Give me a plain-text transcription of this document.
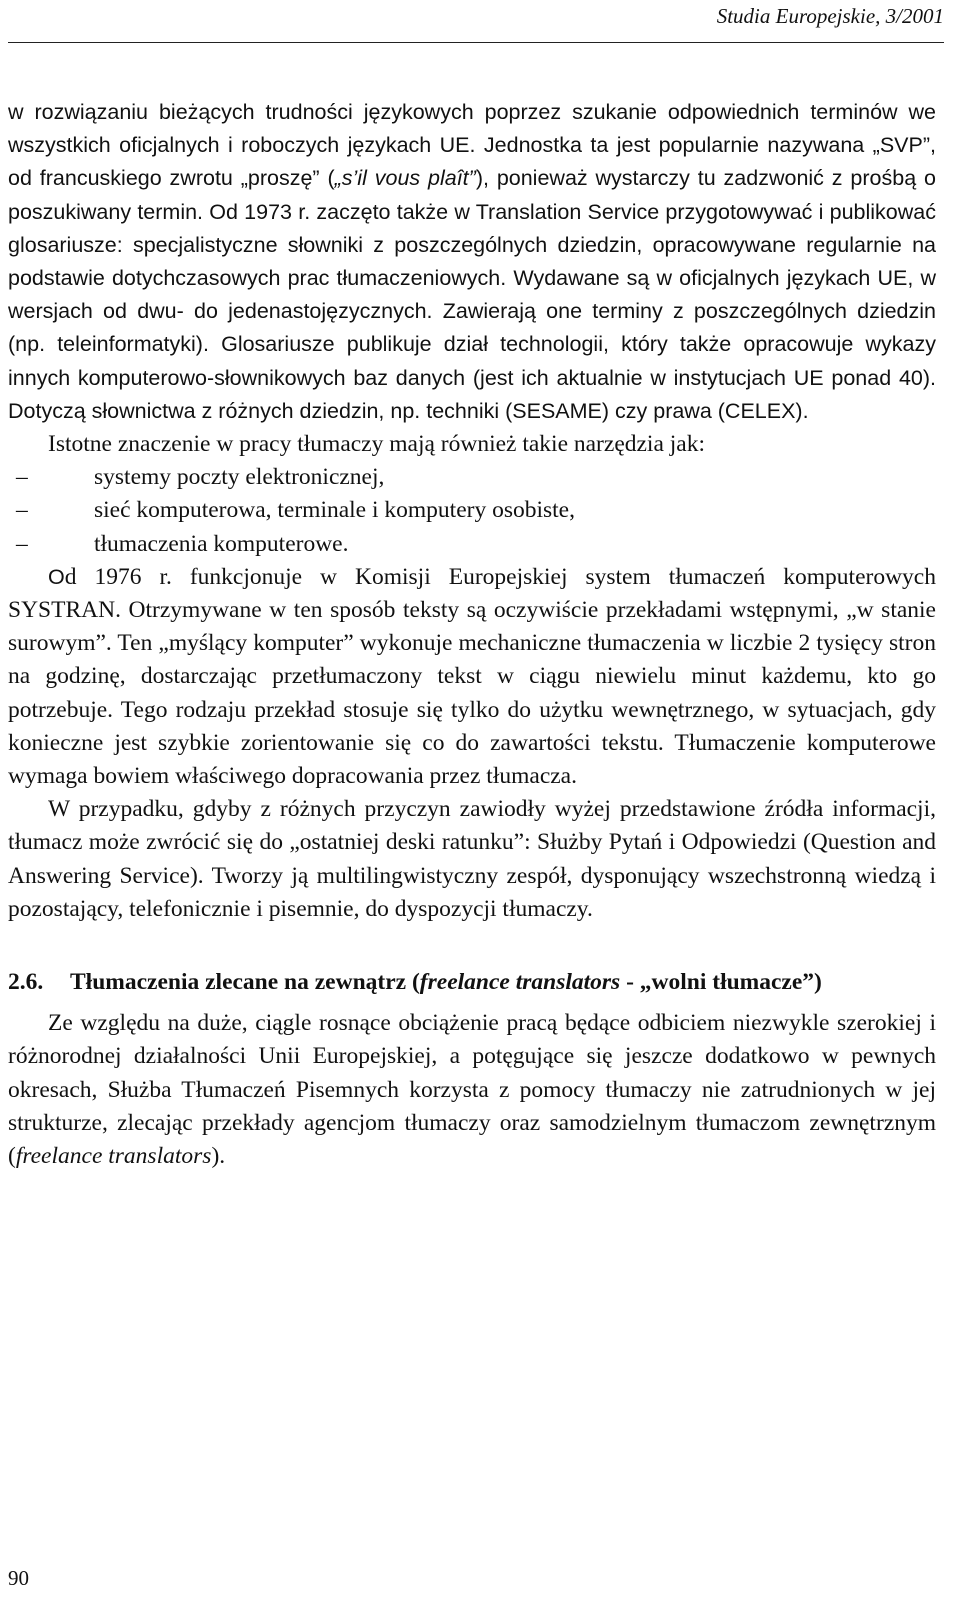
Studia Europejskie, 3/2001

w rozwiązaniu bieżących trudności językowych poprzez szukanie odpowiednich terminów we wszystkich oficjalnych i roboczych językach UE. Jednostka ta jest popularnie nazywana „SVP”, od francuskiego zwrotu „proszę” („s’il vous plaît”), ponieważ wystarczy tu zadzwonić z prośbą o poszukiwany termin. Od 1973 r. zaczęto także w Translation Service przygotowywać i publikować glosariusze: specjalistyczne słowniki z poszczególnych dziedzin, opracowywane regularnie na podstawie dotychczasowych prac tłumaczeniowych. Wydawane są w oficjalnych językach UE, w wersjach od dwu- do jedenastojęzycznych. Zawierają one terminy z poszczególnych dziedzin (np. teleinformatyki). Glosariusze publikuje dział technologii, który także opracowuje wykazy innych komputerowo-słownikowych baz danych (jest ich aktualnie w instytucjach UE ponad 40). Dotyczą słownictwa z różnych dziedzin, np. techniki (SESAME) czy prawa (CELEX).

Istotne znaczenie w pracy tłumaczy mają również takie narzędzia jak:

–	systemy poczty elektronicznej,
–	sieć komputerowa, terminale i komputery osobiste,
–	tłumaczenia komputerowe.

Od 1976 r. funkcjonuje w Komisji Europejskiej system tłumaczeń komputerowych SYSTRAN. Otrzymywane w ten sposób teksty są oczywiście przekładami wstępnymi, „w stanie surowym”. Ten „myślący komputer” wykonuje mechaniczne tłumaczenia w liczbie 2 tysięcy stron na godzinę, dostarczając przetłumaczony tekst w ciągu niewielu minut każdemu, kto go potrzebuje. Tego rodzaju przekład stosuje się tylko do użytku wewnętrznego, w sytuacjach, gdy konieczne jest szybkie zorientowanie się co do zawartości tekstu. Tłumaczenie komputerowe wymaga bowiem właściwego dopracowania przez tłumacza.

W przypadku, gdyby z różnych przyczyn zawiodły wyżej przedstawione źródła informacji, tłumacz może zwrócić się do „ostatniej deski ratunku”: Służby Pytań i Odpowiedzi (Question and Answering Service). Tworzy ją multilingwistyczny zespół, dysponujący wszechstronną wiedzą i pozostający, telefonicznie i pisemnie, do dyspozycji tłumaczy.

2.6.	Tłumaczenia zlecane na zewnątrz (freelance translators - „wolni tłumacze”)

Ze względu na duże, ciągle rosnące obciążenie pracą będące odbiciem niezwykle szerokiej i różnorodnej działalności Unii Europejskiej, a potęgujące się jeszcze dodatkowo w pewnych okresach, Służba Tłumaczeń Pisemnych korzysta z pomocy tłumaczy nie zatrudnionych w jej strukturze, zlecając przekłady agencjom tłumaczy oraz samodzielnym tłumaczom zewnętrznym (freelance translators).

90
